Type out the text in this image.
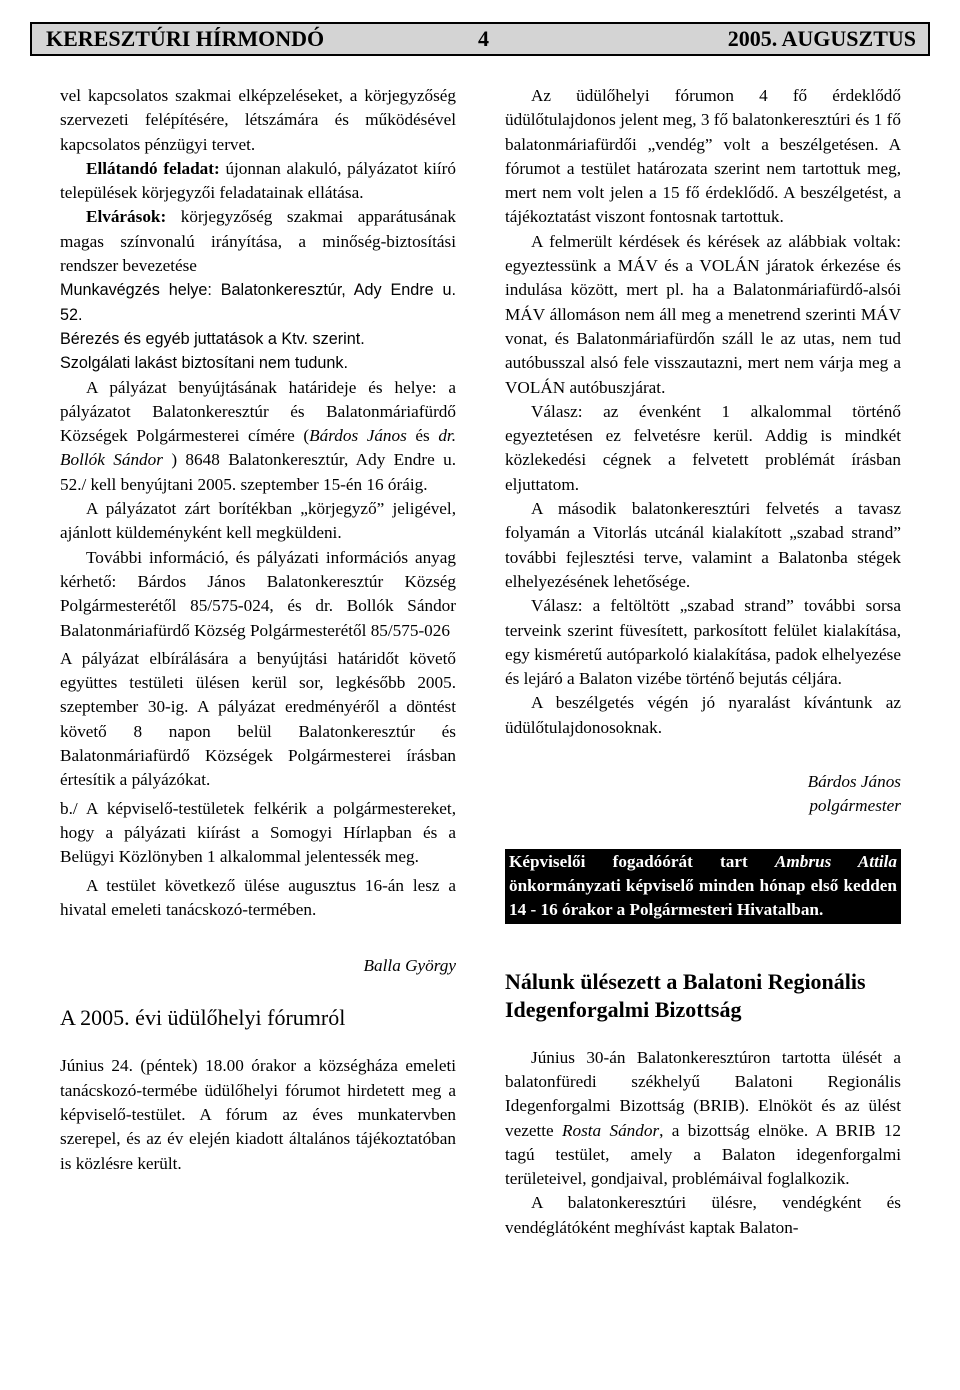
KERESZTÚRI HÍRMONDÓ	4	2005. AUGUSZTUS

vel kapcsolatos szakmai elképzeléseket, a körjegyzőség szervezeti felépítésére, létszámára és működésével kapcsolatos pénzügyi tervet.

Ellátandó feladat: újonnan alakuló, pályázatot kiíró települések körjegyzői feladatainak ellátása.

Elvárások: körjegyzőség szakmai apparátusának magas színvonalú irányítása, a minőség-biztosítási rendszer bevezetése

Munkavégzés helye: Balatonkeresztúr, Ady Endre u. 52.

Bérezés és egyéb juttatások a Ktv. szerint.

Szolgálati lakást biztosítani nem tudunk.

A pályázat benyújtásának határideje és helye: a pályázatot Balatonkeresztúr és Balatonmáriafürdő Községek Polgármesterei címére (Bárdos János és dr. Bollók Sándor ) 8648 Balatonkeresztúr, Ady Endre u. 52./ kell benyújtani 2005. szeptember 15-én 16 óráig.

A pályázatot zárt borítékban „körjegyző” jeligével, ajánlott küldeményként kell megküldeni.

További információ, és pályázati információs anyag kérhető: Bárdos János Balatonkeresztúr Község Polgármesterétől 85/575-024, és dr. Bollók Sándor Balatonmáriafürdő Község Polgármesterétől 85/575-026

A pályázat elbírálására a benyújtási határidőt követő együttes testületi ülésen kerül sor, legkésőbb 2005. szeptember 30-ig. A pályázat eredményéről a döntést követő 8 napon belül Balatonkeresztúr és Balatonmáriafürdő Községek Polgármesterei írásban értesítik a pályázókat.

b./ A képviselő-testületek felkérik a polgármestereket, hogy a pályázati kiírást a Somogyi Hírlapban és a Belügyi Közlönyben 1 alkalommal jelentessék meg.

A testület következő ülése augusztus 16-án lesz a hivatal emeleti tanácskozó-termében.

Balla György

A 2005. évi üdülőhelyi fórumról

Június 24. (péntek) 18.00 órakor a községháza emeleti tanácskozó-termébe üdülőhelyi fórumot hirdetett meg a képviselő-testület. A fórum az éves munkatervben szerepel, és az év elején kiadott általános tájékoztatóban is közlésre került.

Az üdülőhelyi fórumon 4 fő érdeklődő üdülőtulajdonos jelent meg, 3 fő balatonkeresztúri és 1 fő balatonmáriafürdői „vendég” volt a beszélgetésen. A fórumot a testület határozata szerint nem tartottuk meg, mert nem volt jelen a 15 fő érdeklődő. A beszélgetést, a tájékoztatást viszont fontosnak tartottuk.

A felmerült kérdések és kérések az alábbiak voltak: egyeztessünk a MÁV és a VOLÁN járatok érkezése és indulása között, mert pl. ha a Balatonmáriafürdő-alsói MÁV állomáson nem áll meg a menetrend szerinti MÁV vonat, és Balatonmáriafürdőn száll le az utas, nem tud autóbusszal alsó fele visszautazni, mert nem várja meg a VOLÁN autóbuszjárat.

Válasz: az évenként 1 alkalommal történő egyeztetésen ez felvetésre kerül. Addig is mindkét közlekedési cégnek a felvetett problémát írásban eljuttatom.

A második balatonkeresztúri felvetés a tavasz folyamán a Vitorlás utcánál kialakított „szabad strand” további fejlesztési terve, valamint a Balatonba stégek elhelyezésének lehetősége.

Válasz: a feltöltött „szabad strand” további sorsa terveink szerint füvesített, parkosított felület kialakítása, egy kisméretű autóparkoló kialakítása, padok elhelyezése és lejáró a Balaton vizébe történő bejutás céljára.

A beszélgetés végén jó nyaralást kívántunk az üdülőtulajdonosoknak.

Bárdos János

polgármester

Képviselői fogadóórát tart Ambrus Attila önkormányzati képviselő minden hónap első kedden 14 - 16 órakor a Polgármesteri Hivatalban.
Nálunk ülésezett a Balatoni Regionális Idegenforgalmi Bizottság

Június 30-án Balatonkeresztúron tartotta ülését a balatonfüredi székhelyű Balatoni Regionális Idegenforgalmi Bizottság (BRIB). Elnököt és az ülést vezette Rosta Sándor, a bizottság elnöke. A BRIB 12 tagú testület, amely a Balaton idegenforgalmi területeivel, gondjaival, problémáival foglalkozik.

A balatonkeresztúri ülésre, vendégként és vendéglátóként meghívást kaptak Balaton-
